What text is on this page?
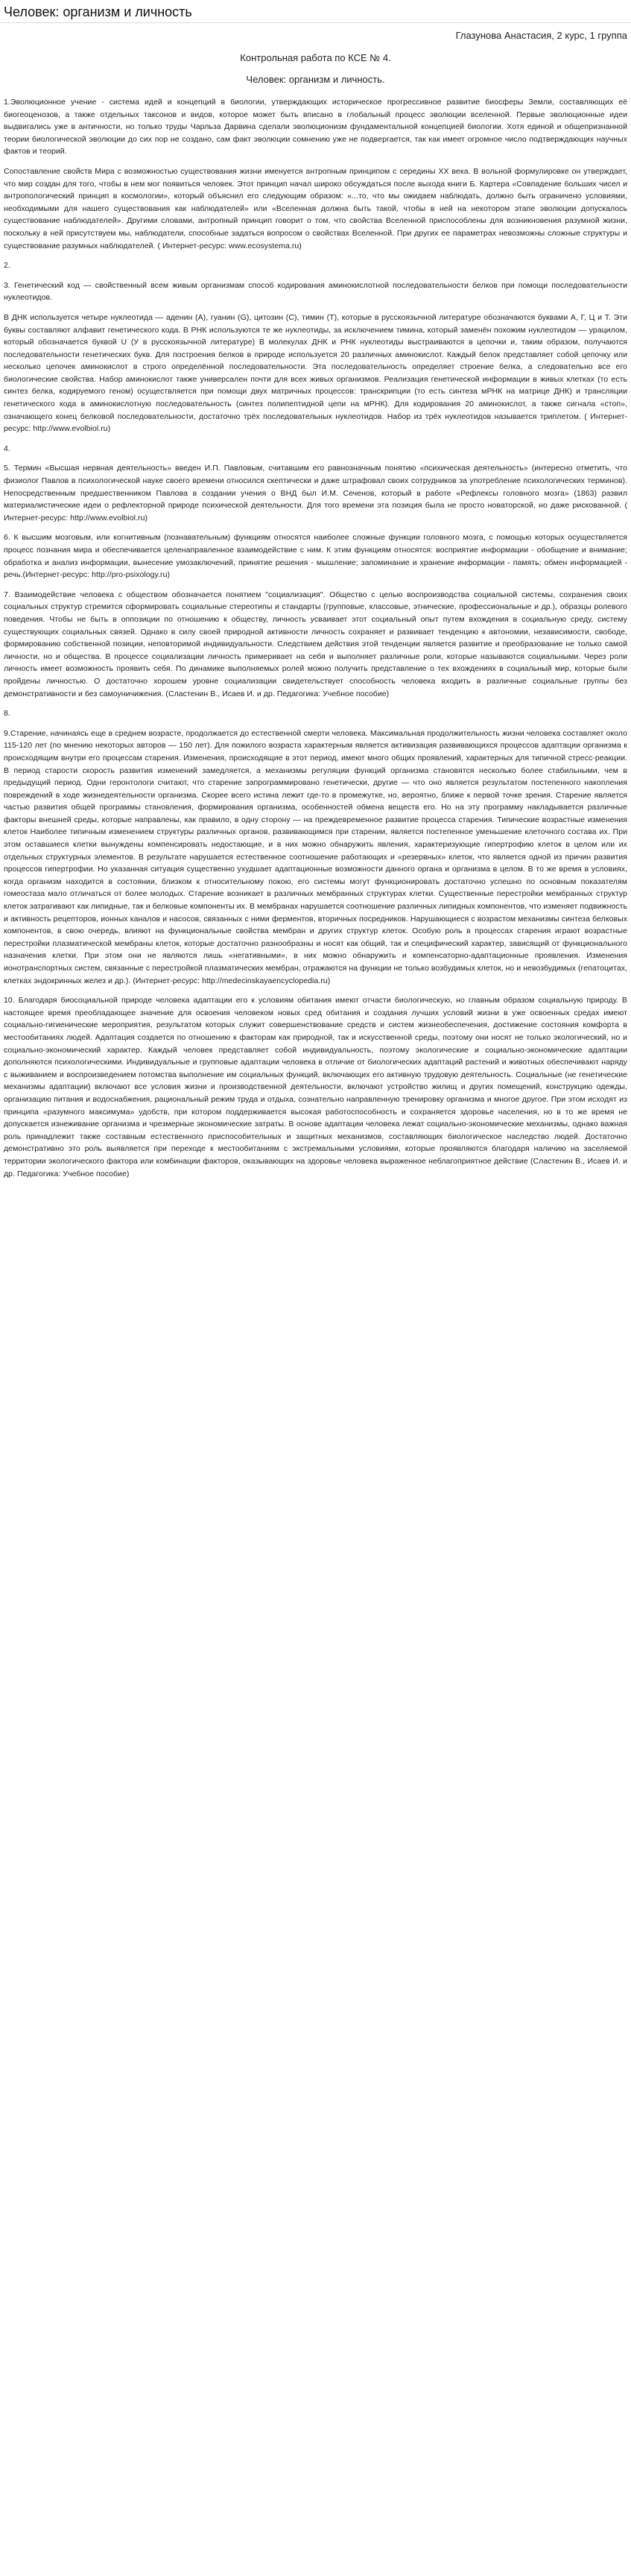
Человек: организм и личность

Глазунова Анастасия, 2 курс, 1 группа

Контрольная работа по КСЕ № 4.

Человек: организм и личность.

1.Эволюционное учение - система идей и концепций в биологии, утверждающих историческое прогрессивное развитие биосферы Земли, составляющих её биогеоценозов, а также отдельных таксонов и видов, которое может быть вписано в глобальный процесс эволюции вселенной. Первые эволюционные идеи выдвигались уже в античности, но только труды Чарльза Дарвина сделали эволюционизм фундаментальной концепцией биологии. Хотя единой и общепризнанной теории биологической эволюции до сих пор не создано, сам факт эволюции сомнению уже не подвергается, так как имеет огромное число подтверждающих научных фактов и теорий.

Сопоставление свойств Мира с возможностью существования жизни именуется антропным принципом с середины XX века. В вольной формулировке он утверждает, что мир создан для того, чтобы в нем мог появиться человек. Этот принцип начал широко обсуждаться после выхода книги Б. Картера «Совпадение больших чисел и антропологический принцип в космологии», который объяснил его следующим образом: «...то, что мы ожидаем наблюдать, должно быть ограничено условиями, необходимыми для нашего существования как наблюдателей» или «Вселенная должна быть такой, чтобы в ней на некотором этапе эволюции допускалось существование наблюдателей». Другими словами, антропный принцип говорит о том, что свойства Вселенной приспособлены для возникновения разумной жизни, поскольку в ней присутствуем мы, наблюдатели, способные задаться вопросом о свойствах Вселенной. При других ее параметрах невозможны сложные структуры и существование разумных наблюдателей. ( Интернет-ресурс: www.ecosystema.ru)

2.

3. Генетический код — свойственный всем живым организмам способ кодирования аминокислотной последовательности белков при помощи последовательности нуклеотидов.

В ДНК используется четыре нуклеотида — аденин (А), гуанин (G), цитозин (С), тимин (T), которые в русскоязычной литературе обозначаются буквами А, Г, Ц и Т. Эти буквы составляют алфавит генетического кода. В РНК используются те же нуклеотиды, за исключением тимина, который заменён похожим нуклеотидом — урацилом, который обозначается буквой U (У в русскоязычной литературе) В молекулах ДНК и РНК нуклеотиды выстраиваются в цепочки и, таким образом, получаются последовательности генетических букв. Для построения белков в природе используется 20 различных аминокислот. Каждый белок представляет собой цепочку или несколько цепочек аминокислот в строго определённой последовательности. Эта последовательность определяет строение белка, а следовательно все его биологические свойства. Набор аминокислот также универсален почти для всех живых организмов. Реализация генетической информации в живых клетках (то есть синтез белка, кодируемого геном) осуществляется при помощи двух матричных процессов: транскрипции (то есть синтеза мРНК на матрице ДНК) и трансляции генетического кода в аминокислотную последовательность (синтез полипептидной цепи на мРНК). Для кодирования 20 аминокислот, а также сигнала «стоп», означающего конец белковой последовательности, достаточно трёх последовательных нуклеотидов. Набор из трёх нуклеотидов называется триплетом. ( Интернет-ресурс: http://www.evolbiol.ru)

4.

5. Термин «Высшая нервная деятельность» введен И.П. Павловым, считавшим его равнозначным понятию «психическая деятельность» (интересно отметить, что физиолог Павлов в психологической науке своего времени относился скептически и даже штрафовал своих сотрудников за употребление психологических терминов). Непосредственным предшественником Павлова в создании учения о ВНД был И.М. Сеченов, который в работе «Рефлексы головного мозга» (1863) развил материалистические идеи о рефлекторной природе психической деятельности. Для того времени эта позиция была не просто новаторской, но даже рискованной. ( Интернет-ресурс: http://www.evolbiol.ru)

6. К высшим мозговым, или когнитивным (познавательным) функциям относятся наиболее сложные функции головного мозга, с помощью которых осуществляется процесс познания мира и обеспечивается целенаправленное взаимодействие с ним. К этим функциям относятся: восприятие информации - обобщение и внимание; обработка и анализ информации, вынесение умозаключений, принятие решения - мышление; запоминание и хранение информации - память; обмен информацией - речь.(Интернет-ресурс: http://pro-psixology.ru)

7. Взаимодействие человека с обществом обозначается понятием "социализация". Общество с целью воспроизводства социальной системы, сохранения своих социальных структур стремится сформировать социальные стереотипы и стандарты (групповые, классовые, этнические, профессиональные и др.), образцы ролевого поведения. Чтобы не быть в оппозиции по отношению к обществу, личность усваивает этот социальный опыт путем вхождения в социальную среду, систему существующих социальных связей. Однако в силу своей природной активности личность сохраняет и развивает тенденцию к автономии, независимости, свободе, формированию собственной позиции, неповторимой индивидуальности. Следствием действия этой тенденции является развитие и преобразование не только самой личности, но и общества. В процессе социализации личность примеривает на себя и выполняет различные роли, которые называются социальными. Через роли личность имеет возможность проявить себя. По динамике выполняемых ролей можно получить представление о тех вхождениях в социальный мир, которые были пройдены личностью. О достаточно хорошем уровне социализации свидетельствует способность человека входить в различные социальные группы без демонстративности и без самоуничижения. (Сластенин В., Исаев И. и др. Педагогика: Учебное пособие)

8.

9.Старение, начинаясь еще в среднем возрасте, продолжается до естественной смерти человека. Максимальная продолжительность жизни человека составляет около 115-120 лет (по мнению некоторых авторов — 150 лет). Для пожилого возраста характерным является активизация развивающихся процессов адаптации организма к происходящим внутри его процессам старения. Изменения, происходящие в этот период, имеют много общих проявлений, характерных для типичной стресс-реакции. В период старости скорость развития изменений замедляется, а механизмы регуляции функций организма становятся несколько более стабильными, чем в предыдущий период. Одни геронтологи считают, что старение запрограммировано генетически, другие — что оно является результатом постепенного накопления повреждений в ходе жизнедеятельности организма. Скорее всего истина лежит где-то в промежутке, но, вероятно, ближе к первой точке зрения. Старение является частью развития общей программы становления, формирования организма, особенностей обмена веществ его. Но на эту программу накладывается различные факторы внешней среды, которые направлены, как правило, в одну сторону — на преждевременное развитие процесса старения. Типические возрастные изменения клеток Наиболее типичным изменением структуры различных органов, развивающимся при старении, является постепенное уменьшение клеточного состава их. При этом оставшиеся клетки вынуждены компенсировать недостающие, и в них можно обнаружить явления, характеризующие гипертрофию клеток в целом или их отдельных структурных элементов. В результате нарушается естественное соотношение работающих и «резервных» клеток, что является одной из причин развития процессов гипертрофии. Но указанная ситуация существенно ухудшает адаптационные возможности данного органа и организма в целом. В то же время в условиях, когда организм находится в состоянии, близком к относительному покою, его системы могут функционировать достаточно успешно по основным показателям гомеостаза мало отличаться от более молодых. Старение возникает в различных мембранных структурах клетки. Существенные перестройки мембранных структур клеток затрагивают как липидные, так и белковые компоненты их. В мембранах нарушается соотношение различных липидных компонентов, что изменяет подвижность и активность рецепторов, ионных каналов и насосов, связанных с ними ферментов, вторичных посредников. Нарушающиеся с возрастом механизмы синтеза белковых компонентов, в свою очередь, влияют на функциональные свойства мембран и других структур клеток. Особую роль в процессах старения играют возрастные перестройки плазматической мембраны клеток, которые достаточно разнообразны и носят как общий, так и специфический характер, зависящий от функционального назначения клетки. При этом они не являются лишь «негативными», в них можно обнаружить и компенсаторно-адаптационные проявления. Изменения ионотранспортных систем, связанные с перестройкой плазматических мембран, отражаются на функции не только возбудимых клеток, но и невозбудимых (гепатоцитах, клетках эндокринных желез и др.). (Интернет-ресурс: http://medecinskayaencyclopedia.ru)

10. Благодаря биосоциальной природе человека адаптации его к условиям обитания имеют отчасти биологическую, но главным образом социальную природу. В настоящее время преобладающее значение для освоения человеком новых сред обитания и создания лучших условий жизни в уже освоенных средах имеют социально-гигиенические мероприятия, результатом которых служит совершенствование средств и систем жизнеобеспечения, достижение состояния комфорта в местообитаниях людей. Адаптация создается по отношению к факторам как природной, так и искусственной среды, поэтому они носят не только экологический, но и социально-экономический характер. Каждый человек представляет собой индивидуальность, поэтому экологические и социально-экономические адаптации дополняются психологическими. Индивидуальные и групповые адаптации человека в отличие от биологических адаптаций растений и животных обеспечивают наряду с выживанием и воспроизведением потомства выполнение им социальных функций, включающих его активную трудовую деятельность. Социальные (не генетические механизмы адаптации) включают все условия жизни и производственной деятельности, включают устройство жилищ и других помещений, конструкцию одежды, организацию питания и водоснабжения, рациональный режим труда и отдыха, сознательно направленную тренировку организма и многое другое. При этом исходят из принципа «разумного максимума» удобств, при котором поддерживается высокая работоспособность и сохраняется здоровье населения, но в то же время не допускается изнеживание организма и чрезмерные экономические затраты. В основе адаптации человека лежат социально-экономические механизмы, однако важная роль принадлежит также составным естественного приспособительных и защитных механизмов, составляющих биологическое наследство людей. Достаточно демонстративно это роль выявляется при переходе к местообитаниям с экстремальными условиями, которые проявляются благодаря наличию на заселяемой территории экологического фактора или комбинации факторов, оказывающих на здоровье человека выраженное неблагоприятное действие (Сластенин В., Исаев И. и др. Педагогика: Учебное пособие)
